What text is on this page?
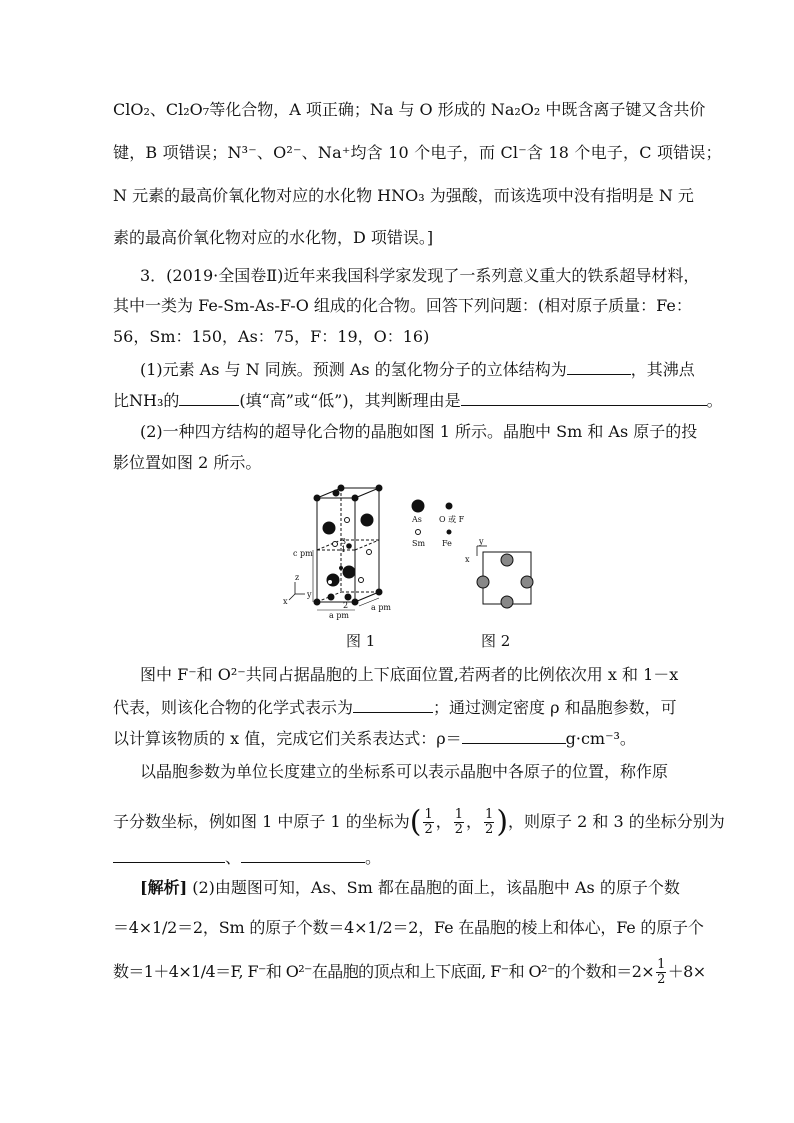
ClO₂、Cl₂O₇等化合物，A 项正确；Na 与 O 形成的 Na₂O₂ 中既含离子键又含共价
键，B 项错误；N³⁻、O²⁻、Na⁺均含 10 个电子，而 Cl⁻含 18 个电子，C 项错误；
N 元素的最高价氧化物对应的水化物 HNO₃ 为强酸，而该选项中没有指明是 N 元
素的最高价氧化物对应的水化物，D 项错误。]
3．(2019·全国卷Ⅱ)近年来我国科学家发现了一系列意义重大的铁系超导材料，
其中一类为 Fe-Sm-As-F-O 组成的化合物。回答下列问题：(相对原子质量：Fe：
56，Sm：150，As：75，F：19，O：16)
(1)元素 As 与 N 同族。预测 As 的氢化物分子的立体结构为	，其沸点
比NH₃的	(填“高”或“低”)，其判断理由是	。
(2)一种四方结构的超导化合物的晶胞如图 1 所示。晶胞中 Sm 和 As 原子的投
影位置如图 2 所示。
z
y
x
c pm
a pm
a pm
1
2
3
As O 或 F
Sm Fe	y
x
图 1	图 2
图中 F⁻和 O²⁻共同占据晶胞的上下底面位置,若两者的比例依次用 x 和 1－x
代表，则该化合物的化学式表示为	；通过测定密度 ρ 和晶胞参数，可
以计算该物质的 x 值，完成它们关系表达式：ρ＝	g·cm⁻³。
以晶胞参数为单位长度建立的坐标系可以表示晶胞中各原子的位置，称作原
子分数坐标，例如图 1 中原子 1 的坐标为( $\frac{1}{2}$ ， $\frac{1}{2}$ ， $\frac{1}{2}$ )，则原子 2 和 3 的坐标分别为
、	。
[解析] (2)由题图可知，As、Sm 都在晶胞的面上，该晶胞中 As 的原子个数
＝4×1/2＝2，Sm 的原子个数＝4×1/2＝2，Fe 在晶胞的棱上和体心，Fe 的原子个
数＝1＋4×1/4＝F, F⁻和 O²⁻在晶胞的顶点和上下底面, F⁻和 O²⁻的个数和$=2\times \frac{1}{2} +8\times$
